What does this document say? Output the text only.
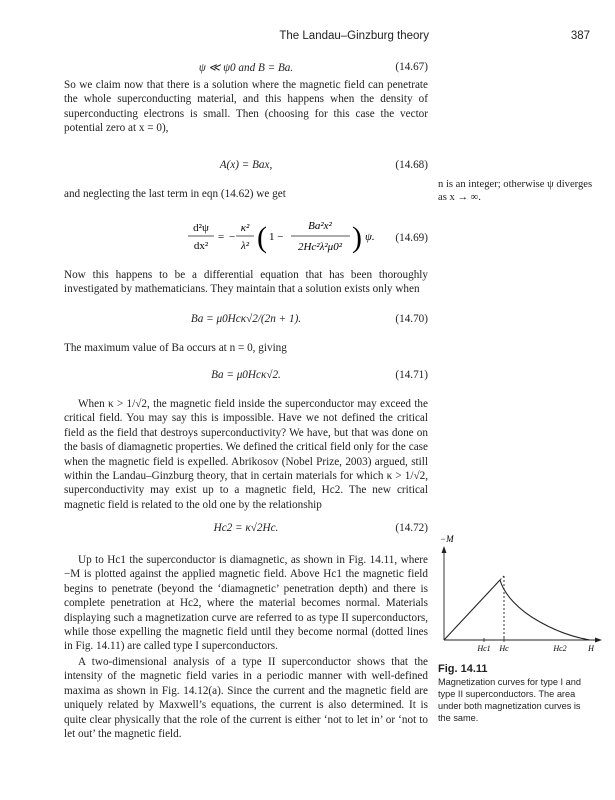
The Landau–Ginzburg theory	387
ψ ≪ ψ0 and B = Ba.	(14.67)

So we claim now that there is a solution where the magnetic field can penetrate the whole superconducting material, and this happens when the density of superconducting electrons is small. Then (choosing for this case the vector potential zero at x = 0),

A(x) = Bax,	(14.68)

and neglecting the last term in eqn (14.62) we get

d²ψ
dx²
= −
κ²
λ² ( 1 −
Ba²x²
2Hc²λ²μ0² ) ψ. (14.69)

Now this happens to be a differential equation that has been thoroughly investigated by mathematicians. They maintain that a solution exists only when

Ba = μ0Hcκ√2/(2n + 1).	(14.70)

The maximum value of Ba occurs at n = 0, giving

Ba = μ0Hcκ√2.	(14.71)

When κ > 1/√2, the magnetic field inside the superconductor may exceed the critical field. You may say this is impossible. Have we not defined the critical field as the field that destroys superconductivity? We have, but that was done on the basis of diamagnetic properties. We defined the critical field only for the case when the magnetic field is expelled. Abrikosov (Nobel Prize, 2003) argued, still within the Landau–Ginzburg theory, that in certain materials for which κ > 1/√2, superconductivity may exist up to a magnetic field, Hc2. The new critical magnetic field is related to the old one by the relationship

Hc2 = κ√2Hc.	(14.72)

Up to Hc1 the superconductor is diamagnetic, as shown in Fig. 14.11, where −M is plotted against the applied magnetic field. Above Hc1 the magnetic field begins to penetrate (beyond the ‘diamagnetic’ penetration depth) and there is complete penetration at Hc2, where the material becomes normal. Materials displaying such a magnetization curve are referred to as type II superconductors, while those expelling the magnetic field until they become normal (dotted lines in Fig. 14.11) are called type I superconductors.

A two-dimensional analysis of a type II superconductor shows that the intensity of the magnetic field varies in a periodic manner with well-defined maxima as shown in Fig. 14.12(a). Since the current and the magnetic field are uniquely related by Maxwell’s equations, the current is also determined. It is quite clear physically that the role of the current is either ‘not to let in’ or ‘not to let out’ the magnetic field.

n is an integer; otherwise ψ diverges as x → ∞.
−M
Hc1 Hc	Hc2	H
Fig. 14.11
Magnetization curves for type I and type II superconductors. The area under both magnetization curves is the same.
